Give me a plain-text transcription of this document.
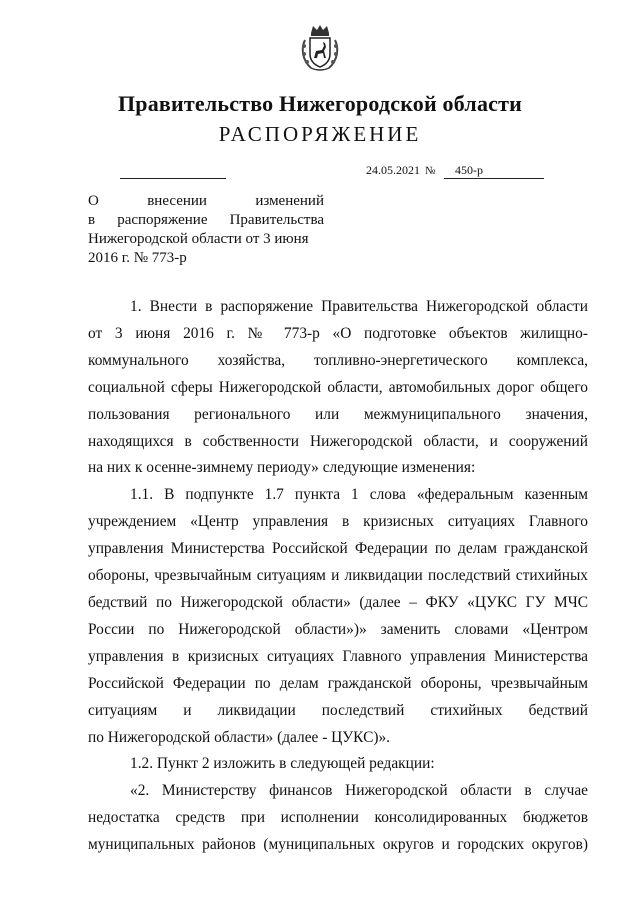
Правительство Нижегородской области
РАСПОРЯЖЕНИЕ
24.05.2021 № 450-р
О	внесении	изменений
в распоряжение Правительства
Нижегородской области от 3 июня
2016 г. № 773-р

1. Внести в распоряжение Правительства Нижегородской области

от 3 июня 2016 г. № 773-р «О подготовке объектов жилищно-

коммунального хозяйства, топливно-энергетического комплекса,

социальной сферы Нижегородской области, автомобильных дорог общего

пользования регионального или межмуниципального значения,

находящихся в собственности Нижегородской области, и сооружений

на них к осенне-зимнему периоду» следующие изменения:

1.1. В подпункте 1.7 пункта 1 слова «федеральным казенным

учреждением «Центр управления в кризисных ситуациях Главного

управления Министерства Российской Федерации по делам гражданской

обороны, чрезвычайным ситуациям и ликвидации последствий стихийных

бедствий по Нижегородской области» (далее – ФКУ «ЦУКС ГУ МЧС

России по Нижегородской области»)» заменить словами «Центром

управления в кризисных ситуациях Главного управления Министерства

Российской Федерации по делам гражданской обороны, чрезвычайным

ситуациям и ликвидации последствий стихийных бедствий

по Нижегородской области» (далее - ЦУКС)».

1.2. Пункт 2 изложить в следующей редакции:

«2. Министерству финансов Нижегородской области в случае

недостатка средств при исполнении консолидированных бюджетов

муниципальных районов (муниципальных округов и городских округов)
